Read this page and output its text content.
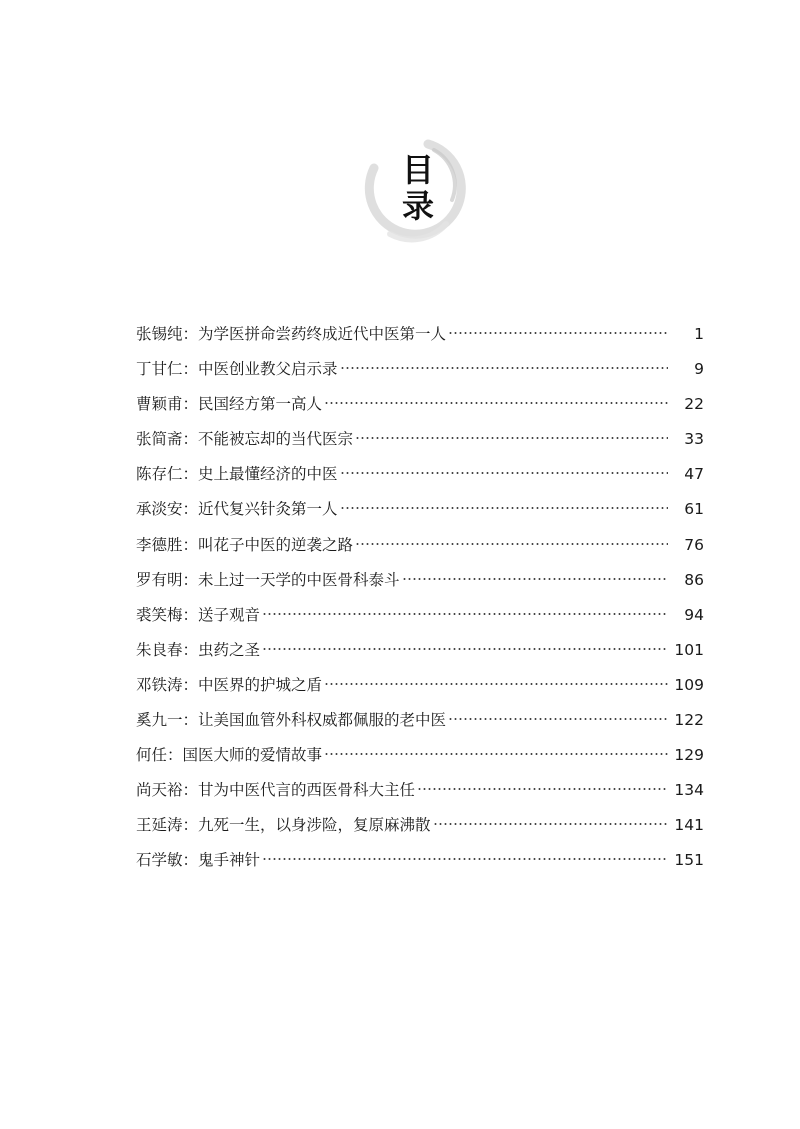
目
录
张锡纯 ： 为学医拼命尝药终成近代中医第一人	1
丁甘仁 ： 中医创业教父启示录	9
曹颖甫 ： 民国经方第一高人	22
张简斋 ： 不能被忘却的当代医宗	33
陈存仁 ： 史上最懂经济的中医	47
承淡安 ： 近代复兴针灸第一人	61
李德胜 ： 叫花子中医的逆袭之路	76
罗有明 ： 未上过一天学的中医骨科泰斗	86
裘笑梅 ： 送子观音	94
朱良春 ： 虫药之圣	101
邓铁涛 ： 中医界的护城之盾	109
奚九一 ： 让美国血管外科权威都佩服的老中医	122
何任 ： 国医大师的爱情故事	129
尚天裕 ： 甘为中医代言的西医骨科大主任	134
王延涛 ： 九死一生，以身涉险，复原麻沸散	141
石学敏 ： 鬼手神针	151
